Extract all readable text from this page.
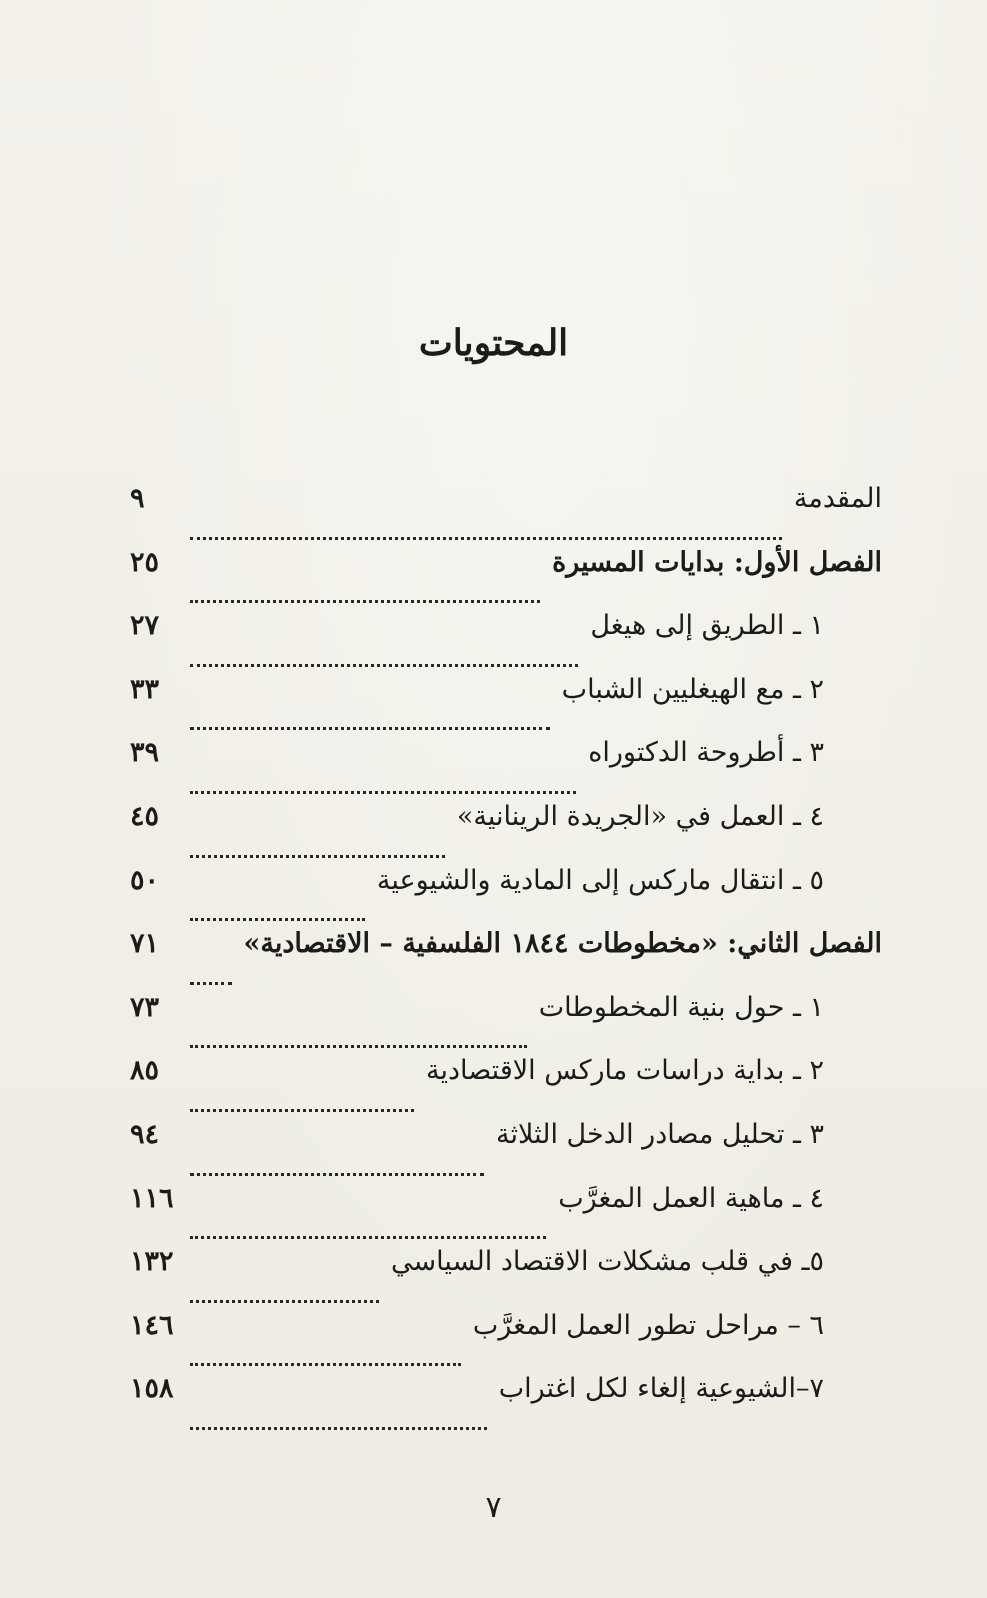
المحتويات
المقدمة
٩
الفصل الأول: بدايات المسيرة
٢٥
١ ـ الطريق إلى هيغل
٢٧
٢ ـ مع الهيغليين الشباب
٣٣
٣ ـ أطروحة الدكتوراه
٣٩
٤ ـ العمل في «الجريدة الرينانية»
٤٥
٥ ـ انتقال ماركس إلى المادية والشيوعية
٥٠
الفصل الثاني: «مخطوطات ١٨٤٤ الفلسفية – الاقتصادية»
٧١
١ ـ حول بنية المخطوطات
٧٣
٢ ـ بداية دراسات ماركس الاقتصادية
٨٥
٣ ـ تحليل مصادر الدخل الثلاثة
٩٤
٤ ـ ماهية العمل المغرَّب
١١٦
٥ـ في قلب مشكلات الاقتصاد السياسي
١٣٢
٦ – مراحل تطور العمل المغرَّب
١٤٦
٧–الشيوعية إلغاء لكل اغتراب
١٥٨
٧
